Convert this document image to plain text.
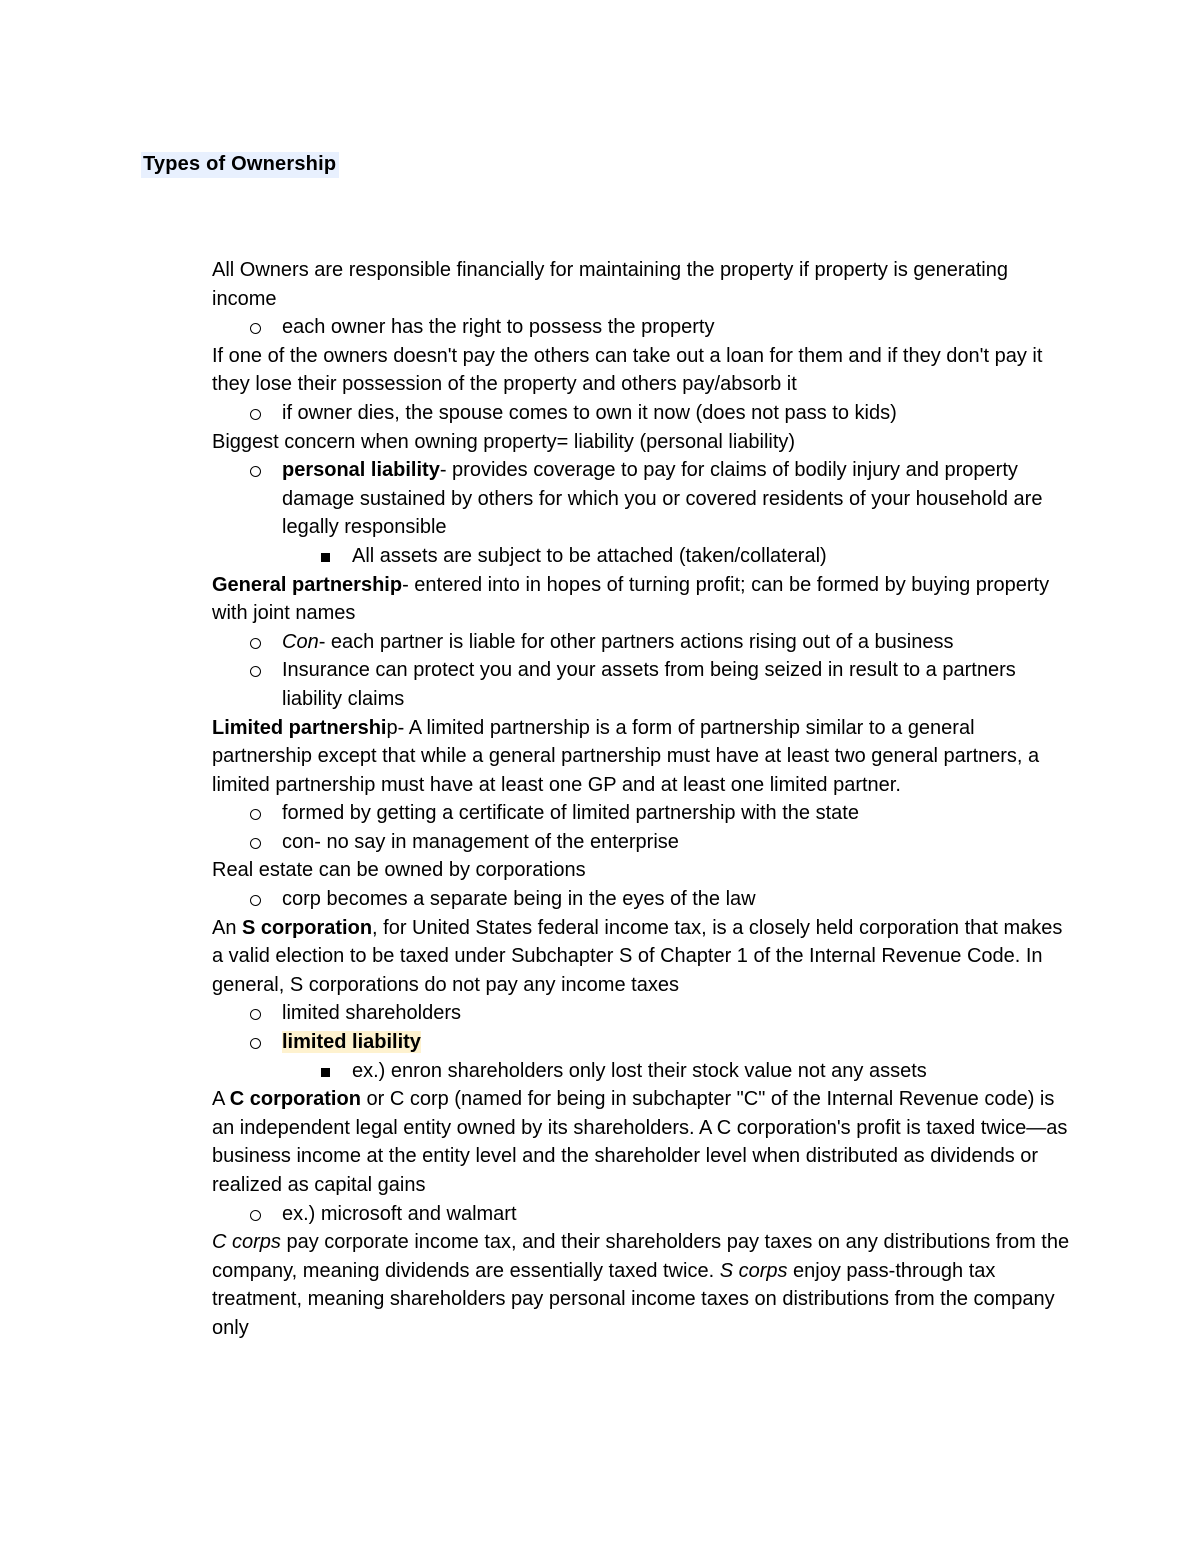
Types of Ownership

All Owners are responsible financially for maintaining the property if property is generating income

each owner has the right to possess the property

If one of the owners doesn't pay the others can take out a loan for them and if they don't pay it they lose their possession of the property and others pay/absorb it

if owner dies, the spouse comes to own it now (does not pass to kids)

Biggest concern when owning property= liability (personal liability)

personal liability- provides coverage to pay for claims of bodily injury and property damage sustained by others for which you or covered residents of your household are legally responsible

All assets are subject to be attached (taken/collateral)

General partnership- entered into in hopes of turning profit; can be formed by buying property with joint names

Con- each partner is liable for other partners actions rising out of a business

Insurance can protect you and your assets from being seized in result to a partners liability claims

Limited partnership- A limited partnership is a form of partnership similar to a general partnership except that while a general partnership must have at least two general partners, a limited partnership must have at least one GP and at least one limited partner.

formed by getting a certificate of limited partnership with the state

con- no say in management of the enterprise

Real estate can be owned by corporations

corp becomes a separate being in the eyes of the law

An S corporation, for United States federal income tax, is a closely held corporation that makes a valid election to be taxed under Subchapter S of Chapter 1 of the Internal Revenue Code. In general, S corporations do not pay any income taxes

limited shareholders

limited liability

ex.) enron shareholders only lost their stock value not any assets

A C corporation or C corp (named for being in subchapter "C" of the Internal Revenue code) is an independent legal entity owned by its shareholders. A C corporation's profit is taxed twice—as business income at the entity level and the shareholder level when distributed as dividends or realized as capital gains

ex.) microsoft and walmart

C corps pay corporate income tax, and their shareholders pay taxes on any distributions from the company, meaning dividends are essentially taxed twice. S corps enjoy pass-through tax treatment, meaning shareholders pay personal income taxes on distributions from the company only
